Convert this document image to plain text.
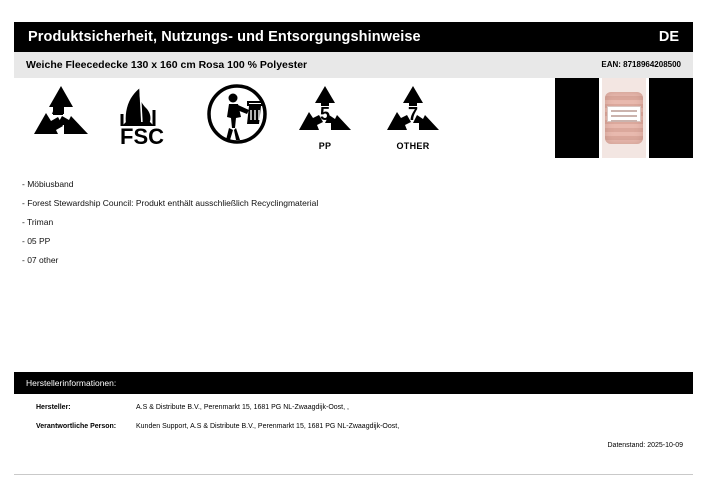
Produktsicherheit, Nutzungs- und Entsorgungshinweise	DE
Weiche Fleecedecke 130 x 160 cm Rosa 100 % Polyester	EAN: 8718964208500
FSC
5
PP
7
OTHER
- Möbiusband
- Forest Stewardship Council: Produkt enthält ausschließlich Recyclingmaterial
- Triman
- 05 PP
- 07 other
Herstellerinformationen:
Hersteller:	A.S & Distribute B.V., Perenmarkt 15, 1681 PG NL-Zwaagdijk-Oost, ,
Verantwortliche Person:	Kunden Support, A.S & Distribute B.V., Perenmarkt 15, 1681 PG NL-Zwaagdijk-Oost,
Datenstand: 2025-10-09
